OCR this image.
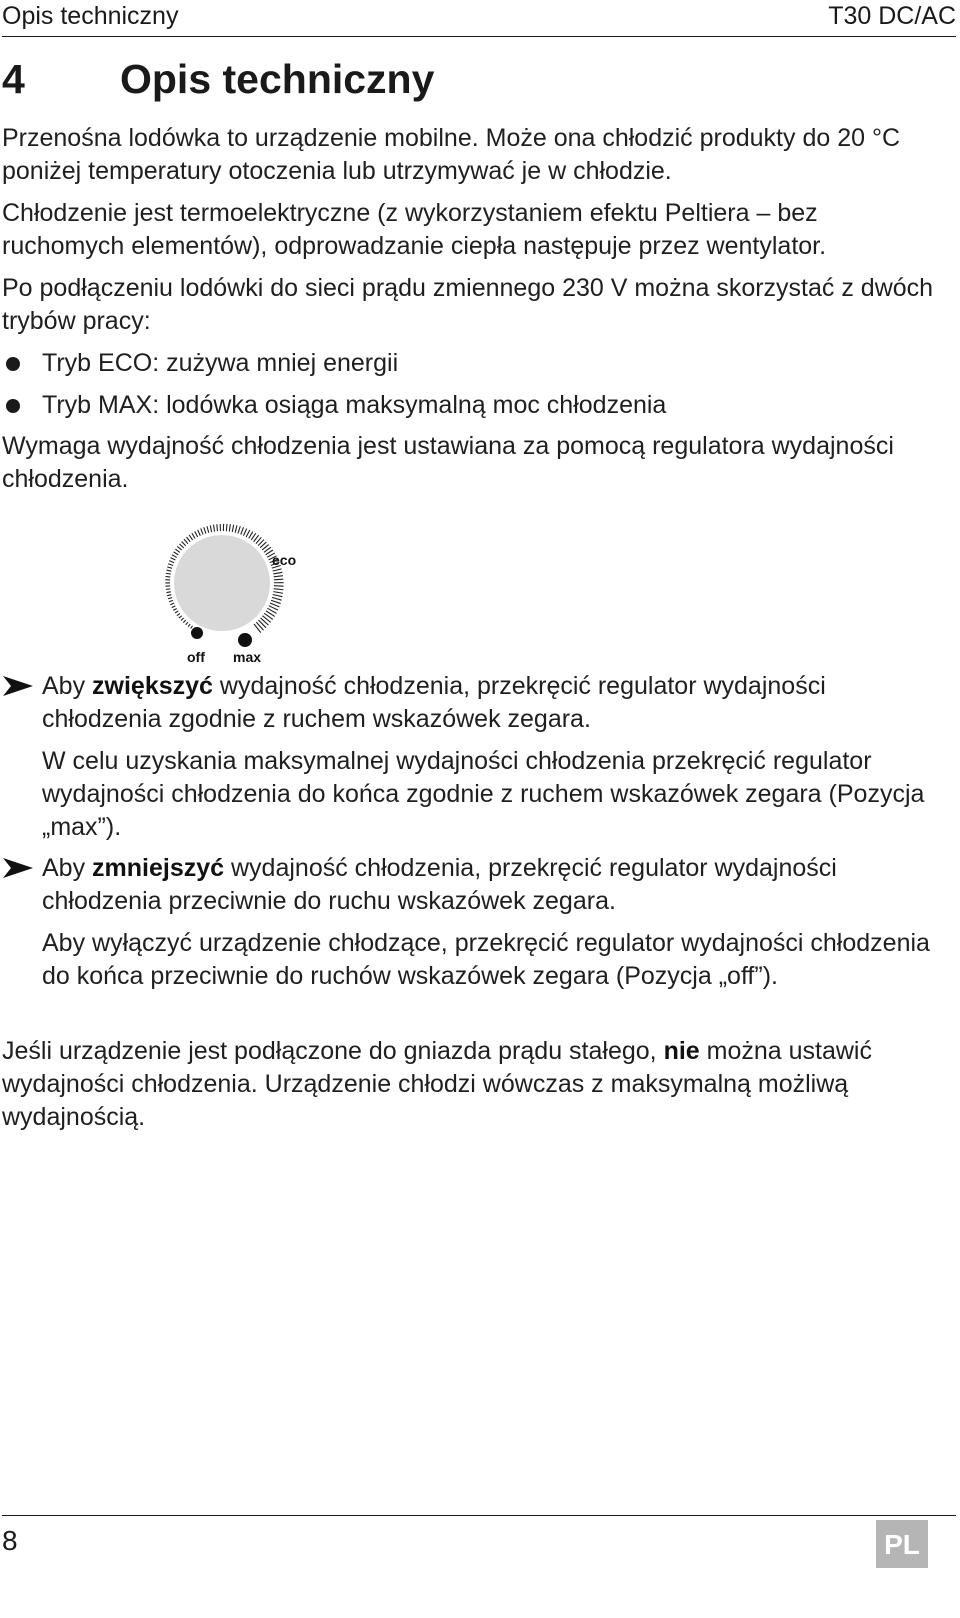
Opis techniczny	T30 DC/AC
4 Opis techniczny
Przenośna lodówka to urządzenie mobilne. Może ona chłodzić produkty do 20 °C poniżej temperatury otoczenia lub utrzymywać je w chłodzie.
Chłodzenie jest termoelektryczne (z wykorzystaniem efektu Peltiera – bez ruchomych elementów), odprowadzanie ciepła następuje przez wentylator.
Po podłączeniu lodówki do sieci prądu zmiennego 230 V można skorzystać z dwóch trybów pracy:
Tryb ECO: zużywa mniej energii
Tryb MAX: lodówka osiąga maksymalną moc chłodzenia
Wymaga wydajność chłodzenia jest ustawiana za pomocą regulatora wydajności chłodzenia.
eco
off max
Aby zwiększyć wydajność chłodzenia, przekręcić regulator wydajności chłodzenia zgodnie z ruchem wskazówek zegara.
W celu uzyskania maksymalnej wydajności chłodzenia przekręcić regulator wydajności chłodzenia do końca zgodnie z ruchem wskazówek zegara (Pozycja „max”).
Aby zmniejszyć wydajność chłodzenia, przekręcić regulator wydajności chłodzenia przeciwnie do ruchu wskazówek zegara.
Aby wyłączyć urządzenie chłodzące, przekręcić regulator wydajności chłodzenia do końca przeciwnie do ruchów wskazówek zegara (Pozycja „off”).
Jeśli urządzenie jest podłączone do gniazda prądu stałego, nie można ustawić wydajności chłodzenia. Urządzenie chłodzi wówczas z maksymalną możliwą wydajnością.
8	PL
